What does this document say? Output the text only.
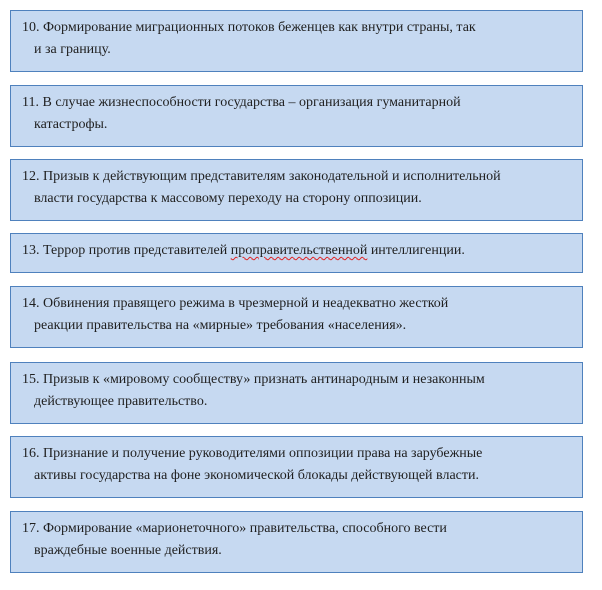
10. Формирование миграционных потоков беженцев как внутри страны, так
и за границу.
11. В случае жизнеспособности государства – организация гуманитарной
катастрофы.
12. Призыв к действующим представителям законодательной и исполнительной
власти государства к массовому переходу на сторону оппозиции.
13. Террор против представителей проправительственной интеллигенции.
14. Обвинения правящего режима в чрезмерной и неадекватно жесткой
реакции правительства на «мирные» требования «населения».
15. Призыв к «мировому сообществу» признать антинародным и незаконным
действующее правительство.
16. Признание и получение руководителями оппозиции права на зарубежные
активы государства на фоне экономической блокады действующей власти.
17. Формирование «марионеточного» правительства, способного вести
враждебные военные действия.
